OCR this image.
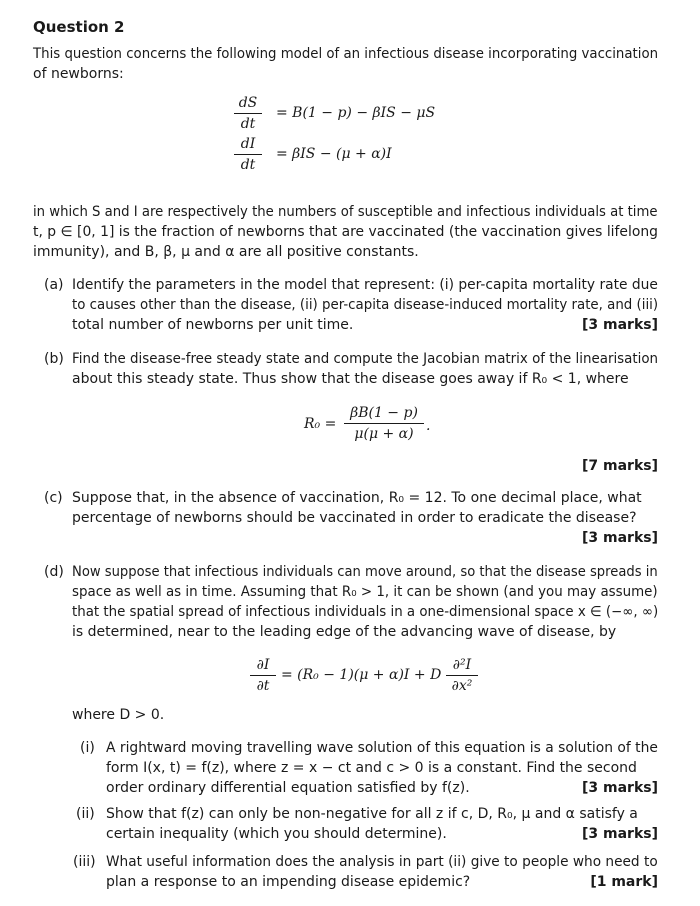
Question 2
This question concerns the following model of an infectious disease incorporating vaccination
of newborns:
dS
dt
= B(1 − p) − βIS − μS
dI
dt
= βIS − (μ + α)I
in which S and I are respectively the numbers of susceptible and infectious individuals at time
t, p ∈ [0, 1] is the fraction of newborns that are vaccinated (the vaccination gives lifelong
immunity), and B, β, μ and α are all positive constants.
(a) Identify the parameters in the model that represent: (i) per-capita mortality rate due
to causes other than the disease, (ii) per-capita disease-induced mortality rate, and (iii)
total number of newborns per unit time.	[3 marks]
(b) Find the disease-free steady state and compute the Jacobian matrix of the linearisation
about this steady state. Thus show that the disease goes away if R₀ < 1, where
R₀ =
βB(1 − p)
μ(μ + α) .
[7 marks]
(c) Suppose that, in the absence of vaccination, R₀ = 12. To one decimal place, what
percentage of newborns should be vaccinated in order to eradicate the disease?
[3 marks]
(d) Now suppose that infectious individuals can move around, so that the disease spreads in
space as well as in time. Assuming that R₀ > 1, it can be shown (and you may assume)
that the spatial spread of infectious individuals in a one-dimensional space x ∈ (−∞, ∞)
is determined, near to the leading edge of the advancing wave of disease, by
∂I
∂t
= (R₀ − 1)(μ + α)I + D
∂²I
∂x²
where D > 0.
(i) A rightward moving travelling wave solution of this equation is a solution of the
form I(x, t) = f(z), where z = x − ct and c > 0 is a constant. Find the second
order ordinary differential equation satisfied by f(z).	[3 marks]
(ii) Show that f(z) can only be non-negative for all z if c, D, R₀, μ and α satisfy a
certain inequality (which you should determine).	[3 marks]
(iii) What useful information does the analysis in part (ii) give to people who need to
plan a response to an impending disease epidemic?	[1 mark]
